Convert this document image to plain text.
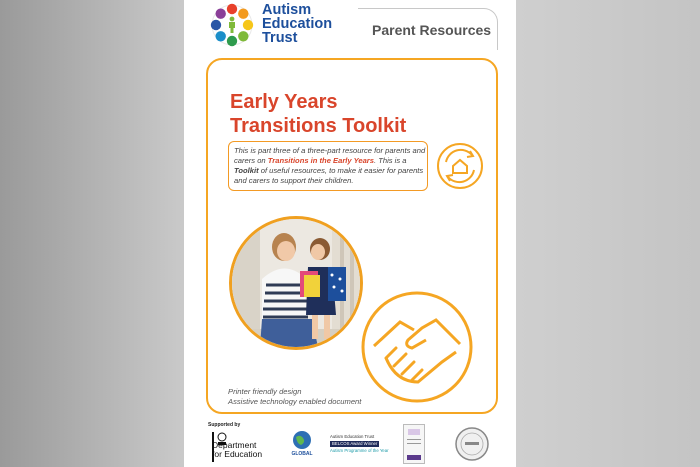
Autism
Education
Trust	Parent Resources
Early Years
Transitions Toolkit
This is part three of a three-part resource for parents and carers on Transitions in the Early Years. This is a Toolkit of useful resources, to make it easier for parents and carers to support their children.
Printer friendly design
Assistive technology enabled document
Supported by
Department
for Education	GLOBAL
Autism Education Trust
BELCOS Award Winner
Autism Programme of the Year
